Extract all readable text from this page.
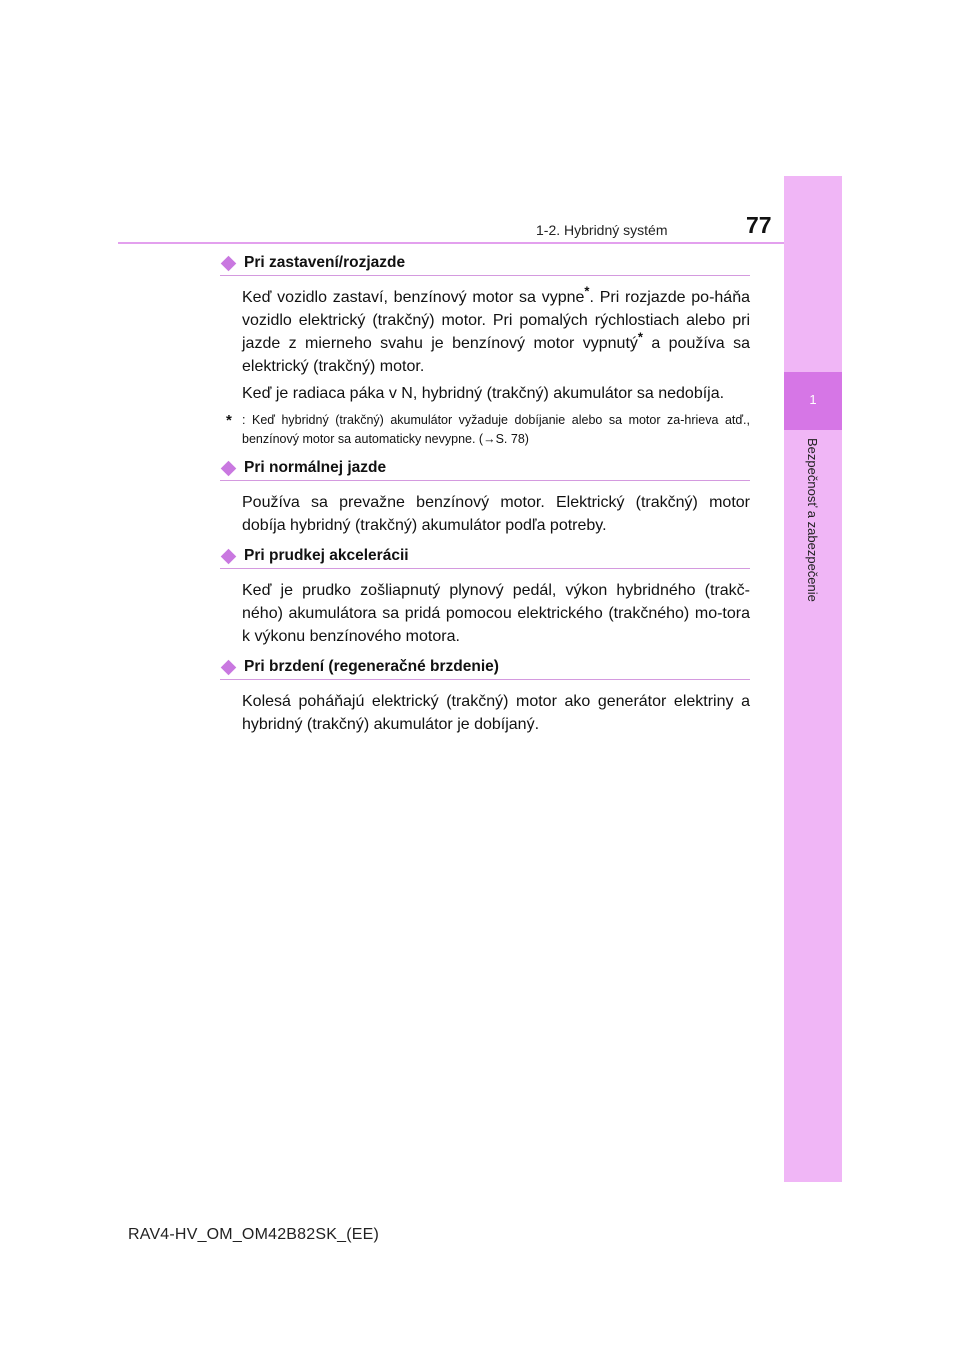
1-2. Hybridný systém	77
1
Bezpečnosť a zabezpečenie
Pri zastavení/rozjazde
Keď vozidlo zastaví, benzínový motor sa vypne*. Pri rozjazde po-háňa vozidlo elektrický (trakčný) motor. Pri pomalých rýchlostiach alebo pri jazde z mierneho svahu je benzínový motor vypnutý* a používa sa elektrický (trakčný) motor.
Keď je radiaca páka v N, hybridný (trakčný) akumulátor sa nedobíja.
* : Keď hybridný (trakčný) akumulátor vyžaduje dobíjanie alebo sa motor za-hrieva atď., benzínový motor sa automaticky nevypne. (→S. 78)
Pri normálnej jazde
Používa sa prevažne benzínový motor. Elektrický (trakčný) motor dobíja hybridný (trakčný) akumulátor podľa potreby.
Pri prudkej akcelerácii
Keď je prudko zošliapnutý plynový pedál, výkon hybridného (trakč-ného) akumulátora sa pridá pomocou elektrického (trakčného) mo-tora k výkonu benzínového motora.
Pri brzdení (regeneračné brzdenie)
Kolesá poháňajú elektrický (trakčný) motor ako generátor elektriny a hybridný (trakčný) akumulátor je dobíjaný.
RAV4-HV_OM_OM42B82SK_(EE)
